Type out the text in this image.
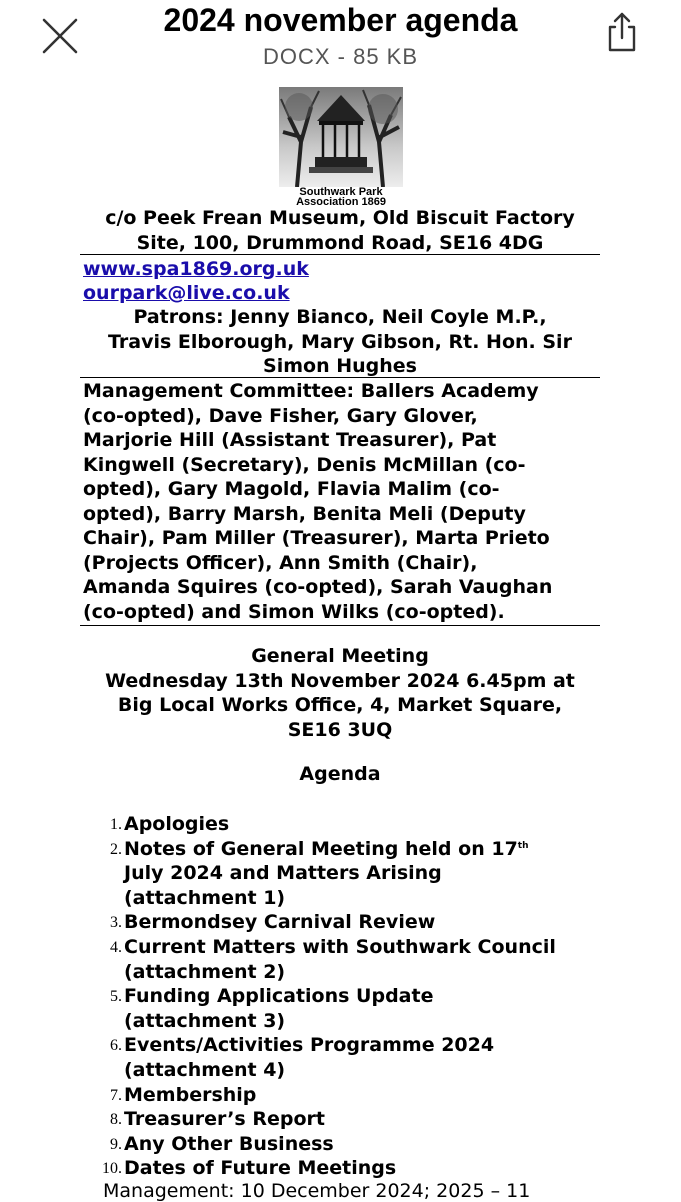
2024 november agenda
DOCX - 85 KB
Southwark Park
Association 1869
c/o Peek Frean Museum, Old Biscuit Factory
Site, 100, Drummond Road, SE16 4DG
www.spa1869.org.uk
ourpark@live.co.uk
Patrons: Jenny Bianco, Neil Coyle M.P.,
Travis Elborough, Mary Gibson, Rt. Hon. Sir
Simon Hughes
Management Committee: Ballers Academy
(co-opted), Dave Fisher, Gary Glover,
Marjorie Hill (Assistant Treasurer), Pat
Kingwell (Secretary), Denis McMillan (co-
opted), Gary Magold, Flavia Malim (co-
opted), Barry Marsh, Benita Meli (Deputy
Chair), Pam Miller (Treasurer), Marta Prieto
(Projects Officer), Ann Smith (Chair),
Amanda Squires (co-opted), Sarah Vaughan
(co-opted) and Simon Wilks (co-opted).
General Meeting
Wednesday 13th November 2024 6.45pm at
Big Local Works Office, 4, Market Square,
SE16 3UQ
Agenda
1. Apologies
2. Notes of General Meeting held on 17th
July 2024 and Matters Arising
(attachment 1)
3. Bermondsey Carnival Review
4. Current Matters with Southwark Council
(attachment 2)
5. Funding Applications Update
(attachment 3)
6. Events/Activities Programme 2024
(attachment 4)
7. Membership
8. Treasurer’s Report
9. Any Other Business
10. Dates of Future Meetings
Management: 10 December 2024; 2025 – 11
